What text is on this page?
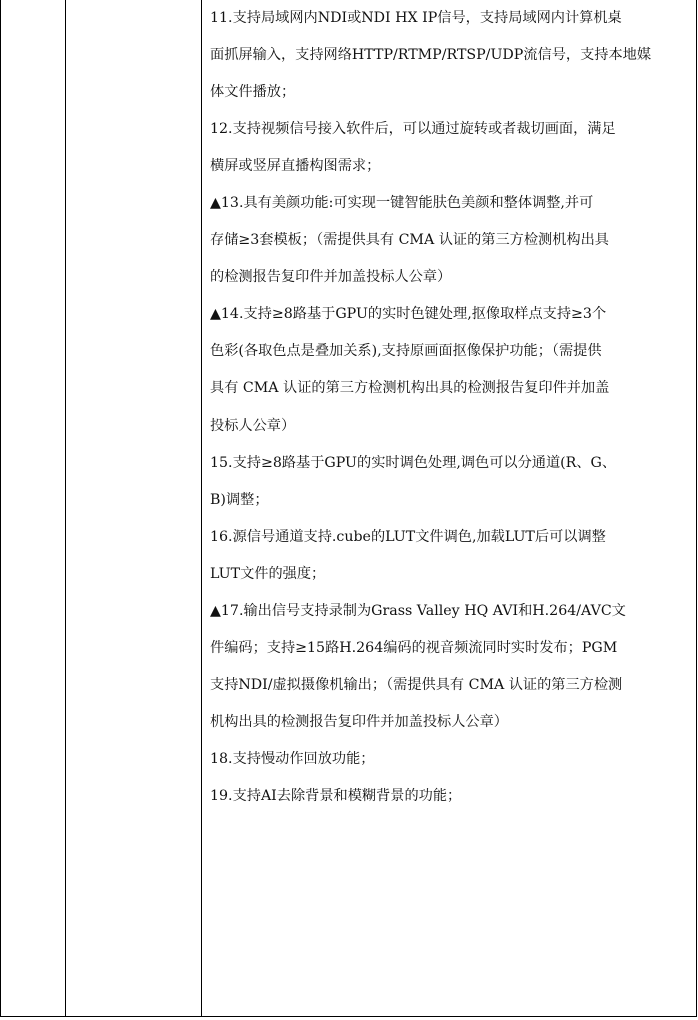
11.支持局域网内NDI或NDI HX IP信号，支持局域网内计算机桌
面抓屏输入，支持网络HTTP/RTMP/RTSP/UDP流信号，支持本地媒
体文件播放；
12.支持视频信号接入软件后，可以通过旋转或者裁切画面，满足
横屏或竖屏直播构图需求；
▲13.具有美颜功能:可实现一键智能肤色美颜和整体调整,并可
存储≥3套模板；（需提供具有 CMA 认证的第三方检测机构出具
的检测报告复印件并加盖投标人公章）
▲14.支持≥8路基于GPU的实时色键处理,抠像取样点支持≥3个
色彩(各取色点是叠加关系),支持原画面抠像保护功能；（需提供
具有 CMA 认证的第三方检测机构出具的检测报告复印件并加盖
投标人公章）
15.支持≥8路基于GPU的实时调色处理,调色可以分通道(R、G、
B)调整；
16.源信号通道支持.cube的LUT文件调色,加载LUT后可以调整
LUT文件的强度；
▲17.输出信号支持录制为Grass Valley HQ AVI和H.264/AVC文
件编码；支持≥15路H.264编码的视音频流同时实时发布；PGM
支持NDI/虚拟摄像机输出；（需提供具有 CMA 认证的第三方检测
机构出具的检测报告复印件并加盖投标人公章）
18.支持慢动作回放功能；
19.支持AI去除背景和模糊背景的功能；
